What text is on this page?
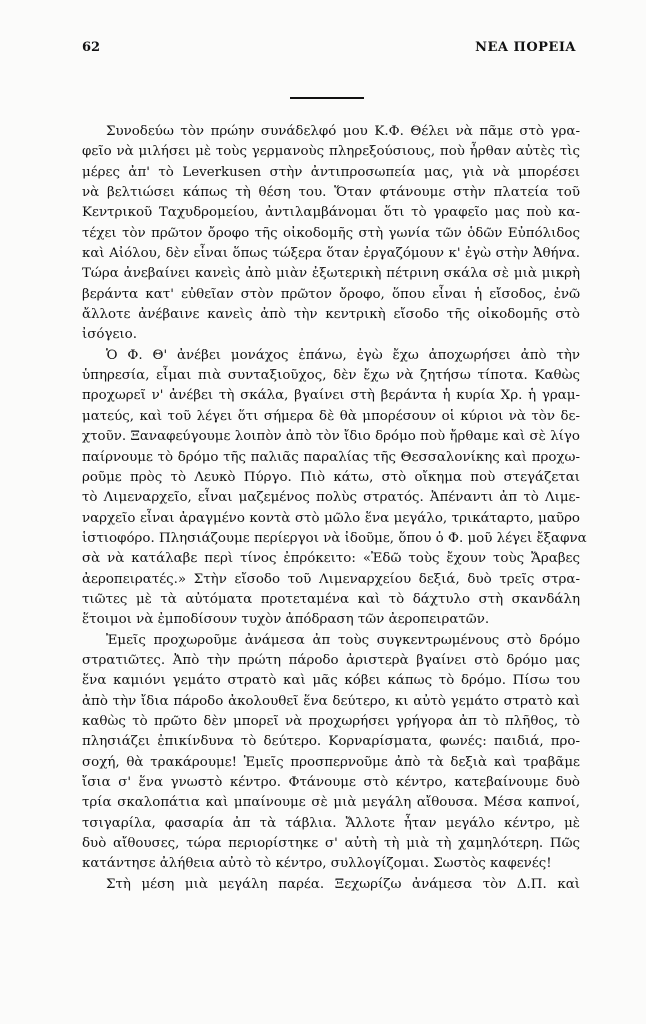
62	ΝΕΑ ΠΟΡΕΙΑ
Συνοδεύω τὸν πρώην συνάδελφό μου Κ.Φ. Θέλει νὰ πᾶμε στὸ γρα-
φεῖο νὰ μιλήσει μὲ τοὺς γερμανοὺς πληρεξούσιους, ποὺ ἦρθαν αὐτὲς τὶς
μέρες ἀπ' τὸ Leverkusen στὴν ἀντιπροσωπεία μας, γιὰ νὰ μπορέσει
νὰ βελτιώσει κάπως τὴ θέση του. Ὅταν φτάνουμε στὴν πλατεία τοῦ
Κεντρικοῦ Ταχυδρομείου, ἀντιλαμβάνομαι ὅτι τὸ γραφεῖο μας ποὺ κα-
τέχει τὸν πρῶτον ὄροφο τῆς οἰκοδομῆς στὴ γωνία τῶν ὁδῶν Εὐπόλιδος
καὶ Αἰόλου, δὲν εἶναι ὅπως τώξερα ὅταν ἐργαζόμουν κ' ἐγὼ στὴν Ἀθήνα.
Τώρα ἀνεβαίνει κανεὶς ἀπὸ μιὰν ἐξωτερικὴ πέτρινη σκάλα σὲ μιὰ μικρὴ
βεράντα κατ' εὐθεῖαν στὸν πρῶτον ὄροφο, ὅπου εἶναι ἡ εἴσοδος, ἐνῶ
ἄλλοτε ἀνέβαινε κανεὶς ἀπὸ τὴν κεντρικὴ εἴσοδο τῆς οἰκοδομῆς στὸ
ἰσόγειο.
Ὁ Φ. Θ' ἀνέβει μονάχος ἐπάνω, ἐγὼ ἔχω ἀποχωρήσει ἀπὸ τὴν
ὑπηρεσία, εἶμαι πιὰ συνταξιοῦχος, δὲν ἔχω νὰ ζητήσω τίποτα. Καθὼς
προχωρεῖ ν' ἀνέβει τὴ σκάλα, βγαίνει στὴ βεράντα ἡ κυρία Χρ. ἡ γραμ-
ματεύς, καὶ τοῦ λέγει ὅτι σήμερα δὲ θὰ μπορέσουν οἱ κύριοι νὰ τὸν δε-
χτοῦν. Ξαναφεύγουμε λοιπὸν ἀπὸ τὸν ἴδιο δρόμο ποὺ ἤρθαμε καὶ σὲ λίγο
παίρνουμε τὸ δρόμο τῆς παλιᾶς παραλίας τῆς Θεσσαλονίκης καὶ προχω-
ροῦμε πρὸς τὸ Λευκὸ Πύργο. Πιὸ κάτω, στὸ οἴκημα ποὺ στεγάζεται
τὸ Λιμεναρχεῖο, εἶναι μαζεμένος πολὺς στρατός. Ἀπέναντι ἀπ τὸ Λιμε-
ναρχεῖο εἶναι ἀραγμένο κοντὰ στὸ μῶλο ἕνα μεγάλο, τρικάταρτο, μαῦρο
ἱστιοφόρο. Πλησιάζουμε περίεργοι νὰ ἰδοῦμε, ὅπου ὁ Φ. μοῦ λέγει ἔξαφνα
σὰ νὰ κατάλαβε περὶ τίνος ἐπρόκειτο: «Ἐδῶ τοὺς ἔχουν τοὺς Ἄραβες
ἀεροπειρατές.» Στὴν εἴσοδο τοῦ Λιμεναρχείου δεξιά, δυὸ τρεῖς στρα-
τιῶτες μὲ τὰ αὐτόματα προτεταμένα καὶ τὸ δάχτυλο στὴ σκανδάλη
ἕτοιμοι νὰ ἐμποδίσουν τυχὸν ἀπόδραση τῶν ἀεροπειρατῶν.
Ἐμεῖς προχωροῦμε ἀνάμεσα ἀπ τοὺς συγκεντρωμένους στὸ δρόμο
στρατιῶτες. Ἀπὸ τὴν πρώτη πάροδο ἀριστερὰ βγαίνει στὸ δρόμο μας
ἕνα καμιόνι γεμάτο στρατὸ καὶ μᾶς κόβει κάπως τὸ δρόμο. Πίσω του
ἀπὸ τὴν ἴδια πάροδο ἀκολουθεῖ ἕνα δεύτερο, κι αὐτὸ γεμάτο στρατὸ καὶ
καθὼς τὸ πρῶτο δὲν μπορεῖ νὰ προχωρήσει γρήγορα ἀπ τὸ πλῆθος, τὸ
πλησιάζει ἐπικίνδυνα τὸ δεύτερο. Κορναρίσματα, φωνές: παιδιά, προ-
σοχή, θὰ τρακάρουμε! Ἐμεῖς προσπερνοῦμε ἀπὸ τὰ δεξιὰ καὶ τραβᾶμε
ἴσια σ' ἕνα γνωστὸ κέντρο. Φτάνουμε στὸ κέντρο, κατεβαίνουμε δυὸ
τρία σκαλοπάτια καὶ μπαίνουμε σὲ μιὰ μεγάλη αἴθουσα. Μέσα καπνοί,
τσιγαρίλα, φασαρία ἀπ τὰ τάβλια. Ἄλλοτε ἦταν μεγάλο κέντρο, μὲ
δυὸ αἴθουσες, τώρα περιορίστηκε σ' αὐτὴ τὴ μιὰ τὴ χαμηλότερη. Πῶς
κατάντησε ἀλήθεια αὐτὸ τὸ κέντρο, συλλογίζομαι. Σωστὸς καφενές!
Στὴ μέση μιὰ μεγάλη παρέα. Ξεχωρίζω ἀνάμεσα τὸν Δ.Π. καὶ
